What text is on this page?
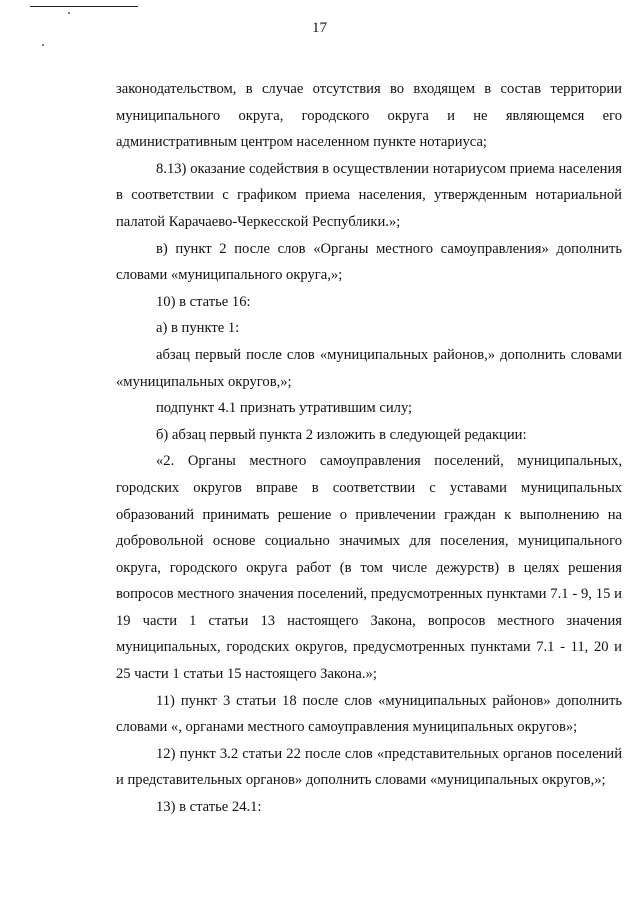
17

законодательством, в случае отсутствия во входящем в состав территории муниципального округа, городского округа и не являющемся его административным центром населенном пункте нотариуса;

8.13) оказание содействия в осуществлении нотариусом приема населения в соответствии с графиком приема населения, утвержденным нотариальной палатой Карачаево-Черкесской Республики.»;

в) пункт 2 после слов «Органы местного самоуправления» дополнить словами «муниципального округа,»;

10) в статье 16:

а) в пункте 1:

абзац первый после слов «муниципальных районов,» дополнить словами «муниципальных округов,»;

подпункт 4.1 признать утратившим силу;

б) абзац первый пункта 2 изложить в следующей редакции:

«2. Органы местного самоуправления поселений, муниципальных, городских округов вправе в соответствии с уставами муниципальных образований принимать решение о привлечении граждан к выполнению на добровольной основе социально значимых для поселения, муниципального округа, городского округа работ (в том числе дежурств) в целях решения вопросов местного значения поселений, предусмотренных пунктами 7.1 - 9, 15 и 19 части 1 статьи 13 настоящего Закона, вопросов местного значения муниципальных, городских округов, предусмотренных пунктами 7.1 - 11, 20 и 25 части 1 статьи 15 настоящего Закона.»;

11) пункт 3 статьи 18 после слов «муниципальных районов» дополнить словами «, органами местного самоуправления муниципальных округов»;

12) пункт 3.2 статьи 22 после слов «представительных органов поселений и представительных органов» дополнить словами «муниципальных округов,»;

13) в статье 24.1:
